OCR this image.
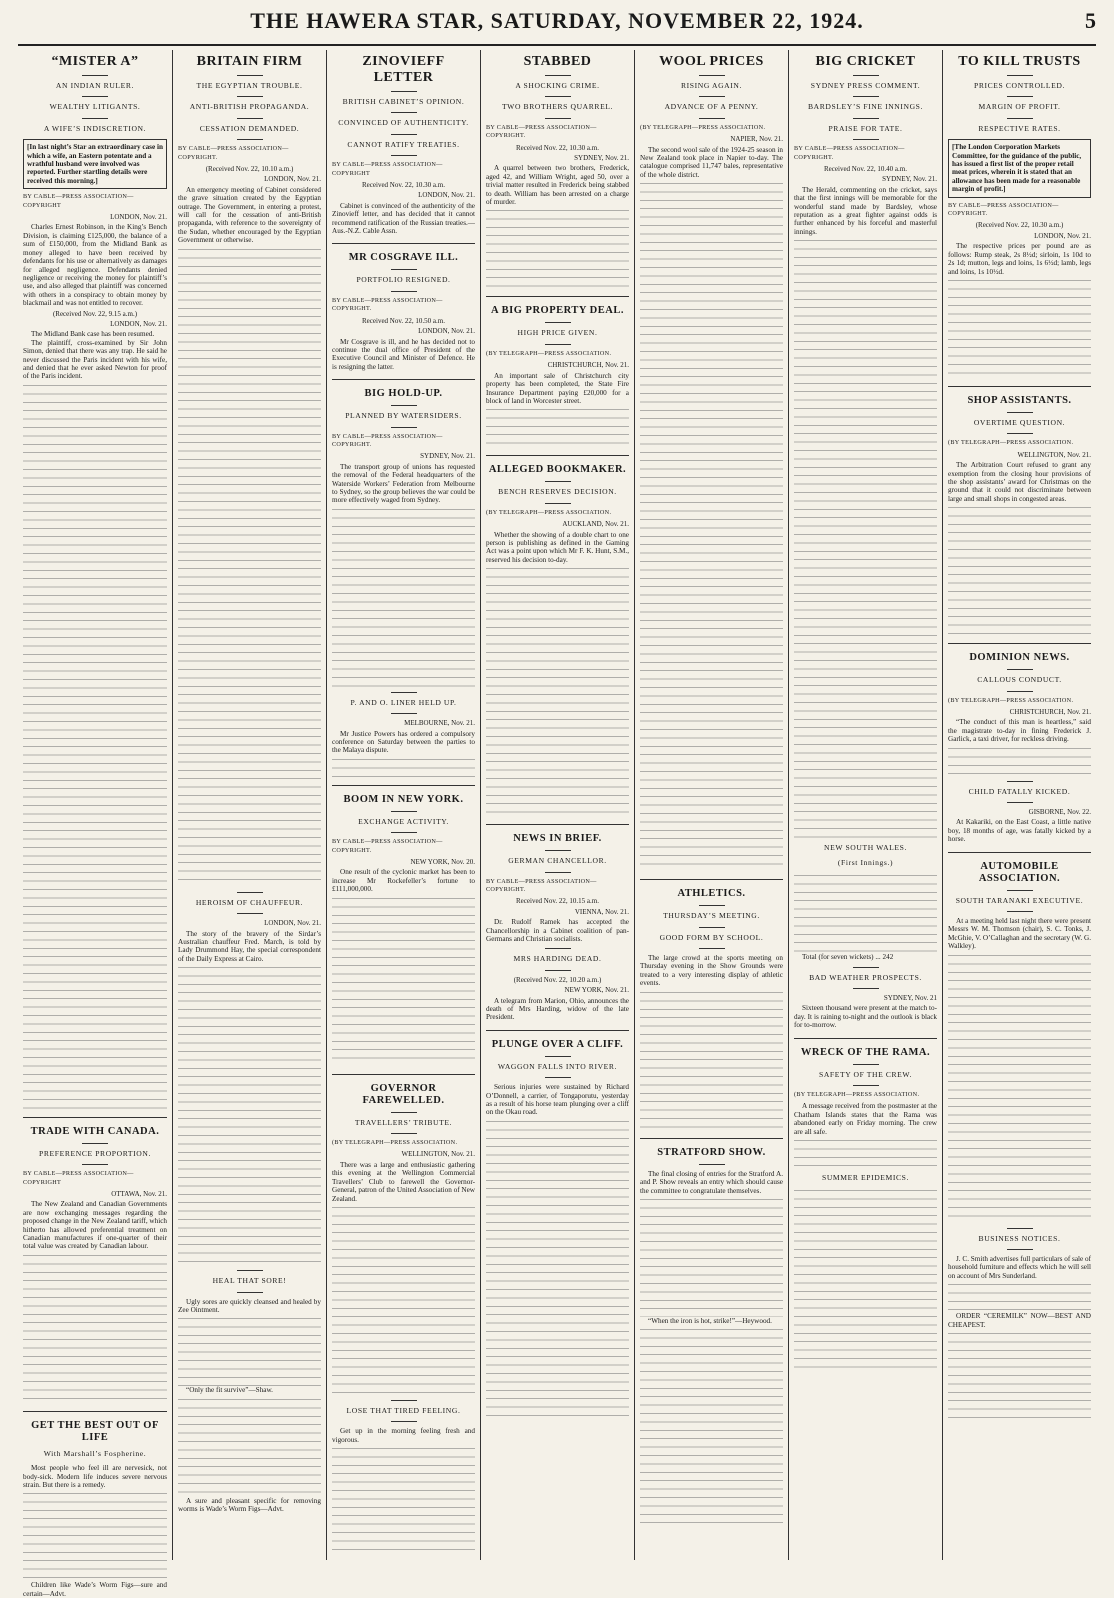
THE HAWERA STAR, SATURDAY, NOVEMBER 22, 1924.	5
“MISTER A”
AN INDIAN RULER.
WEALTHY LITIGANTS.
A WIFE’S INDISCRETION.
[In last night’s Star an extraordinary case in which a wife, an Eastern potentate and a wrathful husband were involved was reported. Further startling details were received this morning.]
BY CABLE—PRESS ASSOCIATION—COPYRIGHT
LONDON, Nov. 21.

Charles Ernest Robinson, in the King’s Bench Division, is claiming £125,000, the balance of a sum of £150,000, from the Midland Bank as money alleged to have been received by defendants for his use or alternatively as damages for alleged negligence. Defendants denied negligence or receiving the money for plaintiff’s use, and also alleged that plaintiff was concerned with others in a conspiracy to obtain money by blackmail and was not entitled to recover.

(Received Nov. 22, 9.15 a.m.)
LONDON, Nov. 21.

The Midland Bank case has been resumed.

The plaintiff, cross-examined by Sir John Simon, denied that there was any trap. He said he never discussed the Paris incident with his wife, and denied that he ever asked Newton for proof of the Paris incident.

TRADE WITH CANADA.
PREFERENCE PROPORTION.
BY CABLE—PRESS ASSOCIATION—COPYRIGHT
OTTAWA, Nov. 21.

The New Zealand and Canadian Governments are now exchanging messages regarding the proposed change in the New Zealand tariff, which hitherto has allowed preferential treatment on Canadian manufactures if one-quarter of their total value was created by Canadian labour.

GET THE BEST OUT OF LIFE
With Marshall’s Fospherine.

Most people who feel ill are nervesick, not body-sick. Modern life induces severe nervous strain. But there is a remedy.

Children like Wade’s Worm Figs—sure and certain—Advt.

BRITAIN FIRM
THE EGYPTIAN TROUBLE.
ANTI-BRITISH PROPAGANDA.
CESSATION DEMANDED.
BY CABLE—PRESS ASSOCIATION—COPYRIGHT.
(Received Nov. 22, 10.10 a.m.)
LONDON, Nov. 21.

An emergency meeting of Cabinet considered the grave situation created by the Egyptian outrage. The Government, in entering a protest, will call for the cessation of anti-British propaganda, with reference to the sovereignty of the Sudan, whether encouraged by the Egyptian Government or otherwise.

HEROISM OF CHAUFFEUR.
LONDON, Nov. 21.

The story of the bravery of the Sirdar’s Australian chauffeur Fred. March, is told by Lady Drummond Hay, the special correspondent of the Daily Express at Cairo.

HEAL THAT SORE!

Ugly sores are quickly cleansed and healed by Zee Ointment.

“Only the fit survive”—Shaw.

A sure and pleasant specific for removing worms is Wade’s Worm Figs—Advt.

ZINOVIEFF LETTER
BRITISH CABINET’S OPINION.
CONVINCED OF AUTHENTICITY.
CANNOT RATIFY TREATIES.
BY CABLE—PRESS ASSOCIATION—COPYRIGHT
Received Nov. 22, 10.30 a.m.
LONDON, Nov. 21.

Cabinet is convinced of the authenticity of the Zinovieff letter, and has decided that it cannot recommend ratification of the Russian treaties.—Aus.-N.Z. Cable Assn.

MR COSGRAVE ILL.
PORTFOLIO RESIGNED.
BY CABLE—PRESS ASSOCIATION—COPYRIGHT.
Received Nov. 22, 10.50 a.m.
LONDON, Nov. 21.

Mr Cosgrave is ill, and he has decided not to continue the dual office of President of the Executive Council and Minister of Defence. He is resigning the latter.

BIG HOLD-UP.
PLANNED BY WATERSIDERS.
BY CABLE—PRESS ASSOCIATION—COPYRIGHT.
SYDNEY, Nov. 21.

The transport group of unions has requested the removal of the Federal headquarters of the Waterside Workers’ Federation from Melbourne to Sydney, so the group believes the war could be more effectively waged from Sydney.

P. AND O. LINER HELD UP.
MELBOURNE, Nov. 21.

Mr Justice Powers has ordered a compulsory conference on Saturday between the parties to the Malaya dispute.

BOOM IN NEW YORK.
EXCHANGE ACTIVITY.
BY CABLE—PRESS ASSOCIATION—COPYRIGHT.
NEW YORK, Nov. 20.

One result of the cyclonic market has been to increase Mr Rockefeller’s fortune to £111,000,000.

GOVERNOR FAREWELLED.
TRAVELLERS’ TRIBUTE.
(BY TELEGRAPH—PRESS ASSOCIATION.
WELLINGTON, Nov. 21.

There was a large and enthusiastic gathering this evening at the Wellington Commercial Travellers’ Club to farewell the Governor-General, patron of the United Association of New Zealand.

LOSE THAT TIRED FEELING.

Get up in the morning feeling fresh and vigorous.

STABBED
A SHOCKING CRIME.
TWO BROTHERS QUARREL.
BY CABLE—PRESS ASSOCIATION—COPYRIGHT.
Received Nov. 22, 10.30 a.m.
SYDNEY, Nov. 21.

A quarrel between two brothers, Frederick, aged 42, and William Wright, aged 50, over a trivial matter resulted in Frederick being stabbed to death. William has been arrested on a charge of murder.

A BIG PROPERTY DEAL.
HIGH PRICE GIVEN.
(BY TELEGRAPH—PRESS ASSOCIATION.
CHRISTCHURCH, Nov. 21.

An important sale of Christchurch city property has been completed, the State Fire Insurance Department paying £20,000 for a block of land in Worcester street.

ALLEGED BOOKMAKER.
BENCH RESERVES DECISION.
(BY TELEGRAPH—PRESS ASSOCIATION.
AUCKLAND, Nov. 21.

Whether the showing of a double chart to one person is publishing as defined in the Gaming Act was a point upon which Mr F. K. Hunt, S.M., reserved his decision to-day.

NEWS IN BRIEF.
GERMAN CHANCELLOR.
BY CABLE—PRESS ASSOCIATION—COPYRIGHT.
Received Nov. 22, 10.15 a.m.
VIENNA, Nov. 21.

Dr. Rudolf Ramek has accepted the Chancellorship in a Cabinet coalition of pan-Germans and Christian socialists.

MRS HARDING DEAD.
(Received Nov. 22, 10.20 a.m.)
NEW YORK, Nov. 21.

A telegram from Marion, Ohio, announces the death of Mrs Harding, widow of the late President.

PLUNGE OVER A CLIFF.
WAGGON FALLS INTO RIVER.

Serious injuries were sustained by Richard O’Donnell, a carrier, of Tongaporutu, yesterday as a result of his horse team plunging over a cliff on the Okau road.

WOOL PRICES
RISING AGAIN.
ADVANCE OF A PENNY.
(BY TELEGRAPH—PRESS ASSOCIATION.
NAPIER, Nov. 21.

The second wool sale of the 1924-25 season in New Zealand took place in Napier to-day. The catalogue comprised 11,747 bales, representative of the whole district.

ATHLETICS.
THURSDAY’S MEETING.
GOOD FORM BY SCHOOL.

The large crowd at the sports meeting on Thursday evening in the Show Grounds were treated to a very interesting display of athletic events.

STRATFORD SHOW.

The final closing of entries for the Stratford A. and P. Show reveals an entry which should cause the committee to congratulate themselves.

“When the iron is hot, strike!”—Heywood.

BIG CRICKET
SYDNEY PRESS COMMENT.
BARDSLEY’S FINE INNINGS.
PRAISE FOR TATE.
BY CABLE—PRESS ASSOCIATION—COPYRIGHT.
Received Nov. 22, 10.40 a.m.
SYDNEY, Nov. 21.

The Herald, commenting on the cricket, says that the first innings will be memorable for the wonderful stand made by Bardsley, whose reputation as a great fighter against odds is further enhanced by his forceful and masterful innings.

NEW SOUTH WALES.
(First Innings.)

Total (for seven wickets) ... 242

BAD WEATHER PROSPECTS.
SYDNEY, Nov. 21

Sixteen thousand were present at the match to-day. It is raining to-night and the outlook is black for to-morrow.

WRECK OF THE RAMA.
SAFETY OF THE CREW.
(BY TELEGRAPH—PRESS ASSOCIATION.

A message received from the postmaster at the Chatham Islands states that the Rama was abandoned early on Friday morning. The crew are all safe.

SUMMER EPIDEMICS.
TO KILL TRUSTS
PRICES CONTROLLED.
MARGIN OF PROFIT.
RESPECTIVE RATES.
[The London Corporation Markets Committee, for the guidance of the public, has issued a first list of the proper retail meat prices, wherein it is stated that an allowance has been made for a reasonable margin of profit.]
BY CABLE—PRESS ASSOCIATION—COPYRIGHT.
(Received Nov. 22, 10.30 a.m.)
LONDON, Nov. 21.

The respective prices per pound are as follows: Rump steak, 2s 8½d; sirloin, 1s 10d to 2s 1d; mutton, legs and loins, 1s 6½d; lamb, legs and loins, 1s 10½d.

SHOP ASSISTANTS.
OVERTIME QUESTION.
(BY TELEGRAPH—PRESS ASSOCIATION.
WELLINGTON, Nov. 21.

The Arbitration Court refused to grant any exemption from the closing hour provisions of the shop assistants’ award for Christmas on the ground that it could not discriminate between large and small shops in congested areas.

DOMINION NEWS.
CALLOUS CONDUCT.
(BY TELEGRAPH—PRESS ASSOCIATION.
CHRISTCHURCH, Nov. 21.

“The conduct of this man is heartless,” said the magistrate to-day in fining Frederick J. Garlick, a taxi driver, for reckless driving.

CHILD FATALLY KICKED.
GISBORNE, Nov. 22.

At Kakariki, on the East Coast, a little native boy, 18 months of age, was fatally kicked by a horse.

AUTOMOBILE ASSOCIATION.
SOUTH TARANAKI EXECUTIVE.

At a meeting held last night there were present Messrs W. M. Thomson (chair), S. C. Tonks, J. McGhie, V. O’Callaghan and the secretary (W. G. Walkley).

BUSINESS NOTICES.

J. C. Smith advertises full particulars of sale of household furniture and effects which he will sell on account of Mrs Sunderland.

ORDER “CEREMILK” NOW—BEST AND CHEAPEST.
